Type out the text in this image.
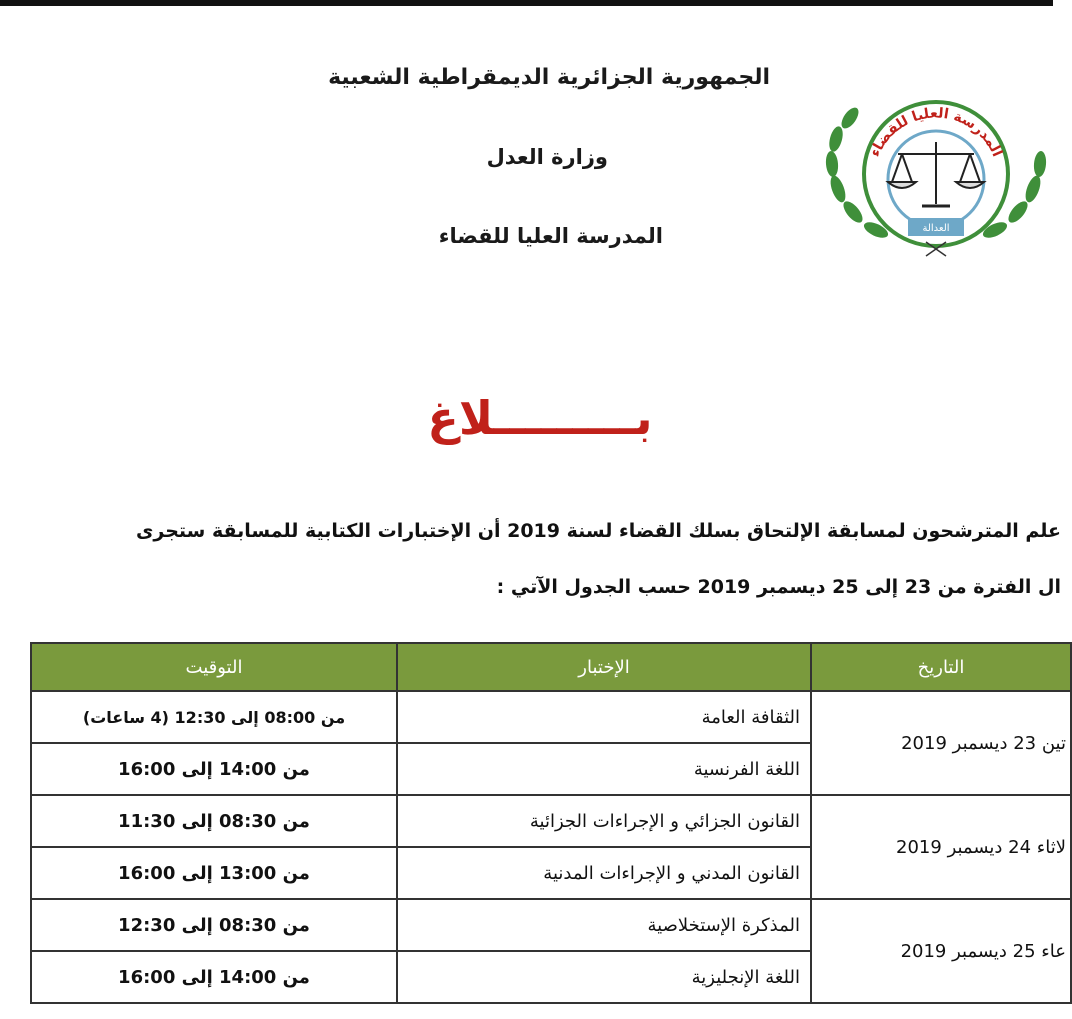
الجمهورية الجزائرية الديمقراطية الشعبية
وزارة العدل
المدرسة العليا للقضاء
المدرسة العليا للقضاء
العدالة
بـــــــــلاغ
علم المترشحون لمسابقة الإلتحاق بسلك القضاء لسنة 2019 أن الإختبارات الكتابية للمسابقة ستجرى
ال الفترة من 23 إلى 25 ديسمبر 2019 حسب الجدول الآتي :
التاريخ	الإختبار	التوقيت
تين 23 ديسمبر 2019	الثقافة العامة	من 08:00 إلى 12:30 (4 ساعات)
	اللغة الفرنسية	من 14:00 إلى 16:00
لاثاء 24 ديسمبر 2019	القانون الجزائي و الإجراءات الجزائية	من 08:30 إلى 11:30
	القانون المدني و الإجراءات المدنية	من 13:00 إلى 16:00
عاء 25 ديسمبر 2019	المذكرة الإستخلاصية	من 08:30 إلى 12:30
	اللغة الإنجليزية	من 14:00 إلى 16:00
